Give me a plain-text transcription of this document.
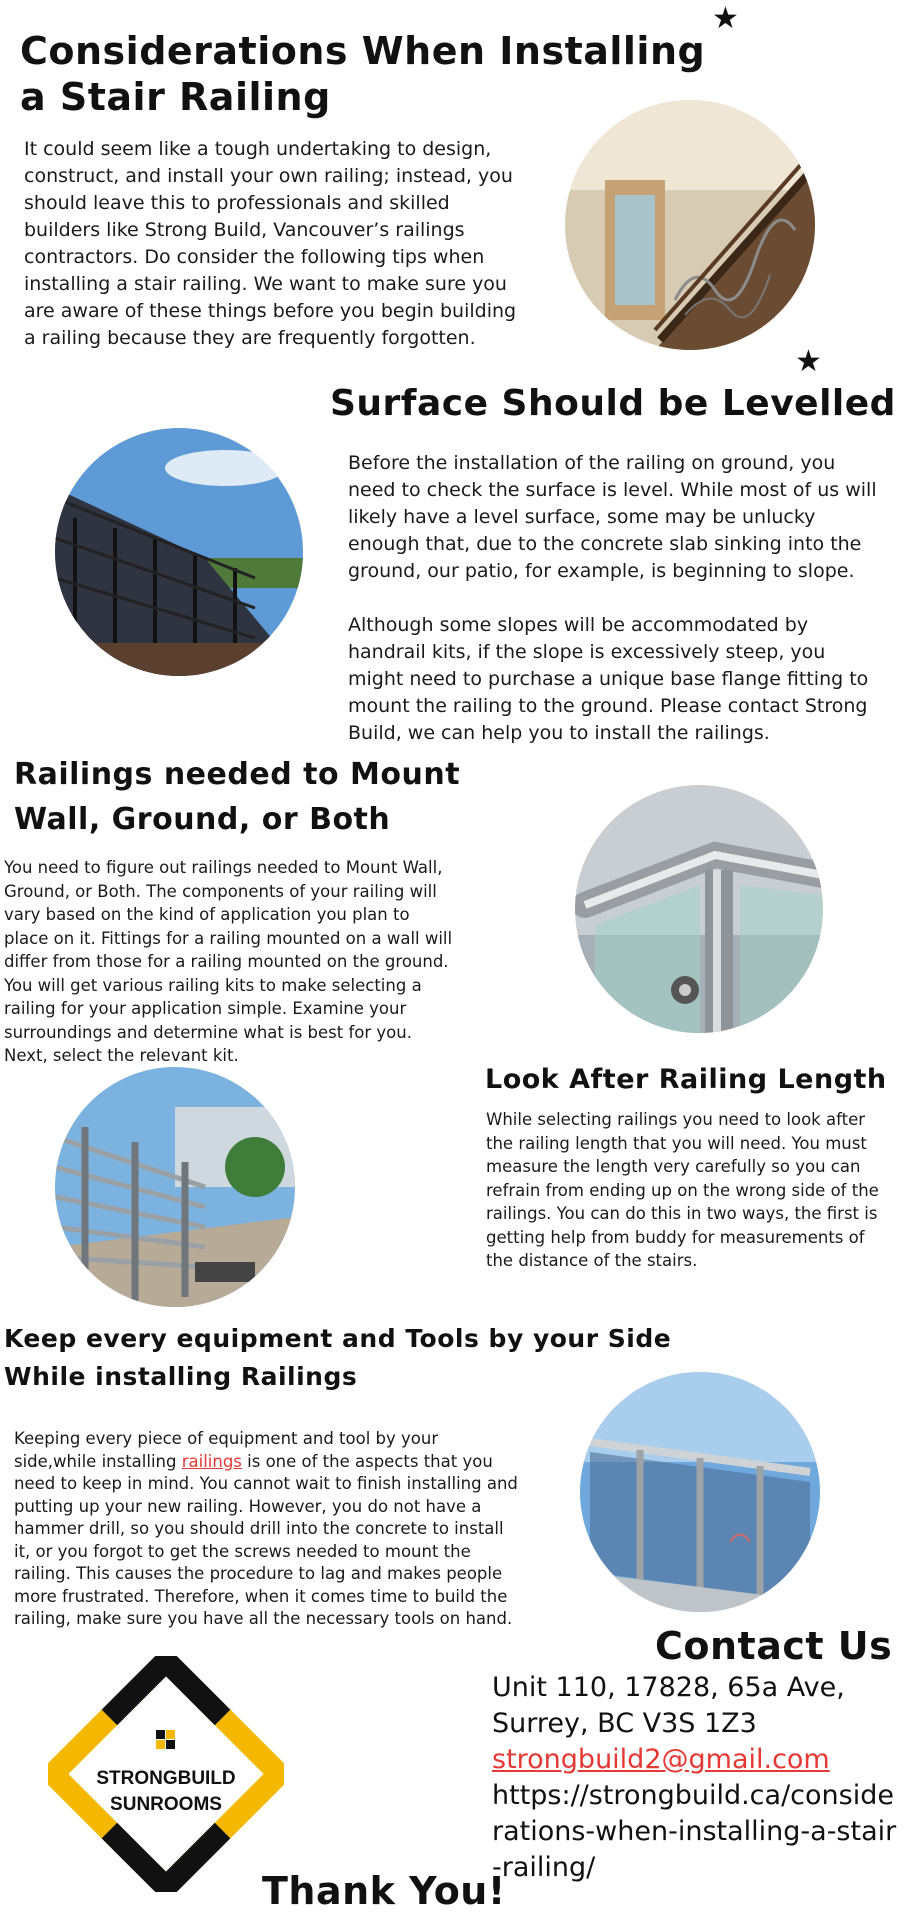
★
★
Considerations When Installing a Stair Railing

It could seem like a tough undertaking to design, construct, and install your own railing; instead, you should leave this to professionals and skilled builders like Strong Build, Vancouver’s railings contractors. Do consider the following tips when installing a stair railing. We want to make sure you are aware of these things before you begin building a railing because they are frequently forgotten.

Surface Should be Levelled

Before the installation of the railing on ground, you need to check the surface is level. While most of us will likely have a level surface, some may be unlucky enough that, due to the concrete slab sinking into the ground, our patio, for example, is beginning to slope.

Although some slopes will be accommodated by handrail kits, if the slope is excessively steep, you might need to purchase a unique base flange fitting to mount the railing to the ground. Please contact Strong Build, we can help you to install the railings.

Railings needed to Mount Wall, Ground, or Both

You need to figure out railings needed to Mount Wall, Ground, or Both. The components of your railing will vary based on the kind of application you plan to place on it. Fittings for a railing mounted on a wall will differ from those for a railing mounted on the ground. You will get various railing kits to make selecting a railing for your application simple. Examine your surroundings and determine what is best for you. Next, select the relevant kit.

Look After Railing Length

While selecting railings you need to look after the railing length that you will need. You must measure the length very carefully so you can refrain from ending up on the wrong side of the railings. You can do this in two ways, the first is getting help from buddy for measurements of the distance of the stairs.

Keep every equipment and Tools by your Side While installing Railings

Keeping every piece of equipment and tool by your side,while installing railings is one of the aspects that you need to keep in mind. You cannot wait to finish installing and putting up your new railing. However, you do not have a hammer drill, so you should drill into the concrete to install it, or you forgot to get the screws needed to mount the railing. This causes the procedure to lag and makes people more frustrated. Therefore, when it comes time to build the railing, make sure you have all the necessary tools on hand.

Contact Us

Unit 110, 17828, 65a Ave,

Surrey, BC V3S 1Z3

strongbuild2@gmail.com

https://strongbuild.ca/considerations-when-installing-a-stair-railing/

STRONGBUILD
SUNROOMS
Thank You!
